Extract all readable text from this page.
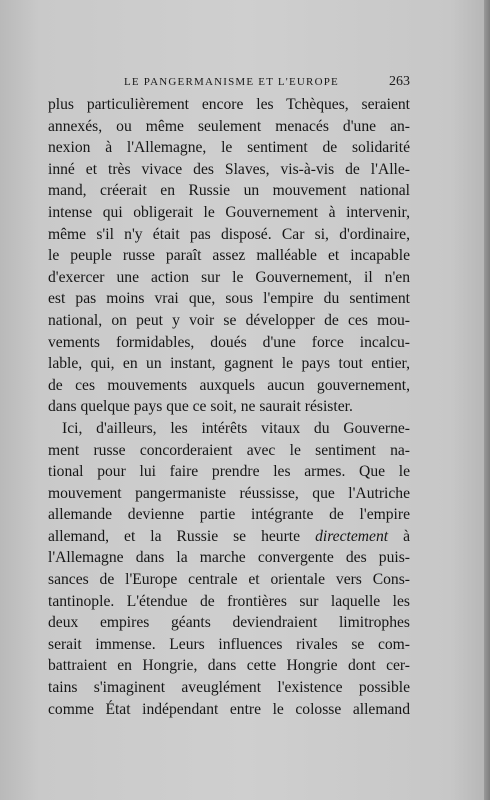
LE PANGERMANISME ET L'EUROPE	263
plus particulièrement encore les Tchèques, seraient
annexés, ou même seulement menacés d'une an-
nexion à l'Allemagne, le sentiment de solidarité
inné et très vivace des Slaves, vis-à-vis de l'Alle-
mand, créerait en Russie un mouvement national
intense qui obligerait le Gouvernement à intervenir,
même s'il n'y était pas disposé. Car si, d'ordinaire,
le peuple russe paraît assez malléable et incapable
d'exercer une action sur le Gouvernement, il n'en
est pas moins vrai que, sous l'empire du sentiment
national, on peut y voir se développer de ces mou-
vements formidables, doués d'une force incalcu-
lable, qui, en un instant, gagnent le pays tout entier,
de ces mouvements auxquels aucun gouvernement,
dans quelque pays que ce soit, ne saurait résister.
Ici, d'ailleurs, les intérêts vitaux du Gouverne-
ment russe concorderaient avec le sentiment na-
tional pour lui faire prendre les armes. Que le
mouvement pangermaniste réussisse, que l'Autriche
allemande devienne partie intégrante de l'empire
allemand, et la Russie se heurte directement à
l'Allemagne dans la marche convergente des puis-
sances de l'Europe centrale et orientale vers Cons-
tantinople. L'étendue de frontières sur laquelle les
deux empires géants deviendraient limitrophes
serait immense. Leurs influences rivales se com-
battraient en Hongrie, dans cette Hongrie dont cer-
tains s'imaginent aveuglément l'existence possible
comme État indépendant entre le colosse allemand
